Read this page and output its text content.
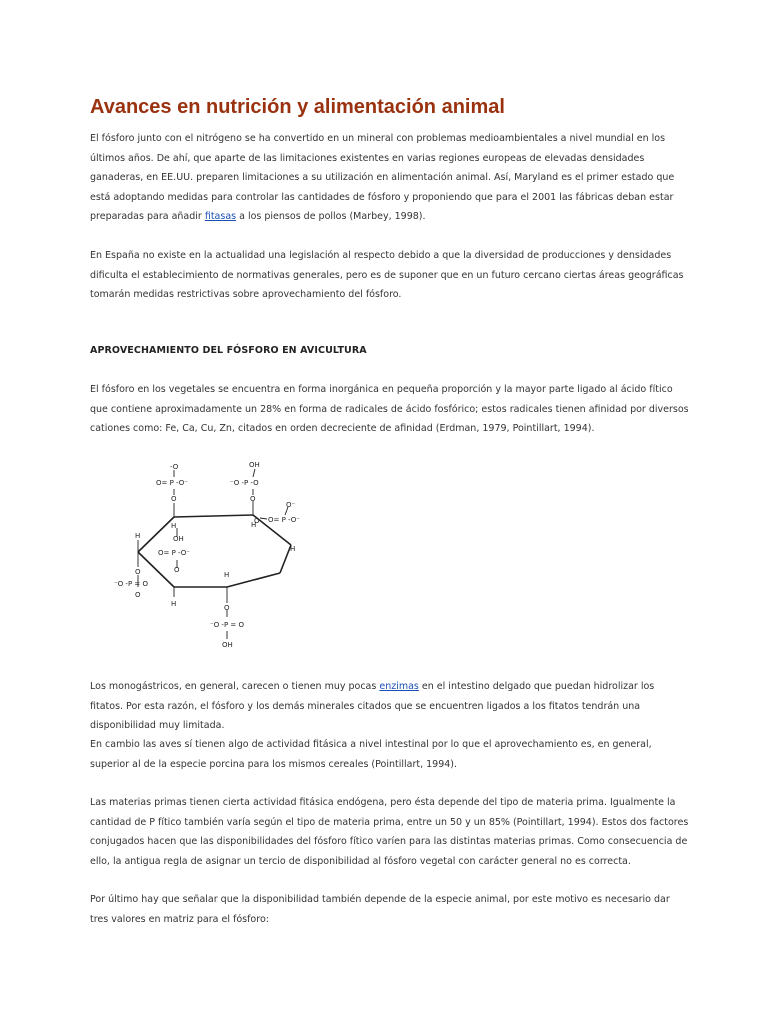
Avances en nutrición y alimentación animal

El fósforo junto con el nitrógeno se ha convertido en un mineral con problemas medioambientales a nivel mundial en los últimos años. De ahí, que aparte de las limitaciones existentes en varias regiones europeas de elevadas densidades ganaderas, en EE.UU. preparen limitaciones a su utilización en alimentación animal. Así, Maryland es el primer estado que está adoptando medidas para controlar las cantidades de fósforo y proponiendo que para el 2001 las fábricas deban estar preparadas para añadir fitasas a los piensos de pollos (Marbey, 1998).

En España no existe en la actualidad una legislación al respecto debido a que la diversidad de producciones y densidades dificulta el establecimiento de normativas generales, pero es de suponer que en un futuro cercano ciertas áreas geográficas tomarán medidas restrictivas sobre aprovechamiento del fósforo.

APROVECHAMIENTO DEL FÓSFORO EN AVICULTURA

El fósforo en los vegetales se encuentra en forma inorgánica en pequeña proporción y la mayor parte ligado al ácido fítico que contiene aproximadamente un 28% en forma de radicales de ácido fosfórico; estos radicales tienen afinidad por diversos cationes como: Fe, Ca, Cu, Zn, citados en orden decreciente de afinidad (Erdman, 1979, Pointillart, 1994).

-O
O= P -O⁻
O
H
OH
⁻O -P -O
O
H
O⁻
O= P -O⁻
O
H
OH
O= P -O⁻
O
H
O
⁻O -P = O
O
H
H
O
⁻O -P = O
OH

Los monogástricos, en general, carecen o tienen muy pocas enzimas en el intestino delgado que puedan hidrolizar los fitatos. Por esta razón, el fósforo y los demás minerales citados que se encuentren ligados a los fitatos tendrán una disponibilidad muy limitada.

En cambio las aves sí tienen algo de actividad fitásica a nivel intestinal por lo que el aprovechamiento es, en general, superior al de la especie porcina para los mismos cereales (Pointillart, 1994).

Las materias primas tienen cierta actividad fitásica endógena, pero ésta depende del tipo de materia prima. Igualmente la cantidad de P fítico también varía según el tipo de materia prima, entre un 50 y un 85% (Pointillart, 1994). Estos dos factores conjugados hacen que las disponibilidades del fósforo fítico varíen para las distintas materias primas. Como consecuencia de ello, la antigua regla de asignar un tercio de disponibilidad al fósforo vegetal con carácter general no es correcta.

Por último hay que señalar que la disponibilidad también depende de la especie animal, por este motivo es necesario dar tres valores en matriz para el fósforo:
